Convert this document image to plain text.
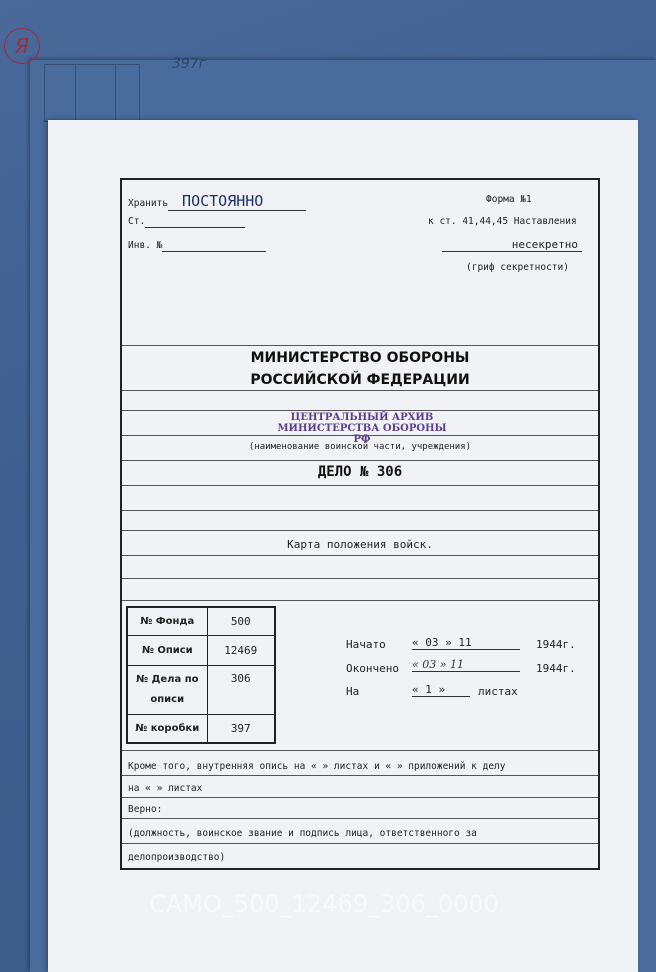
Я
397г
Хранить ПОСТОЯННО	Форма №1
Ст.	к ст. 41,44,45 Наставления
Инв. №	несекретно
(гриф секретности)
МИНИСТЕРСТВО ОБОРОНЫ
РОССИЙСКОЙ ФЕДЕРАЦИИ
ЦЕНТРАЛЬНЫЙ АРХИВ
МИНИСТЕРСТВА ОБОРОНЫ РФ
(наименование воинской части, учреждения)
ДЕЛО № 306
Карта положения войск.
№ Фонда	500
№ Описи	12469
№ Дела по описи	306
№ коробки	397
Начато « 03 » 11	1944г.
Окончено « 03 » 11	1944г.
На	« 1 »	листах
Кроме того, внутренняя опись на « » листах и « » приложений к делу
на « » листах
Верно:
(должность, воинское звание и подпись лица, ответственного за
делопроизводство)
САМО_500_12469_306_0000
